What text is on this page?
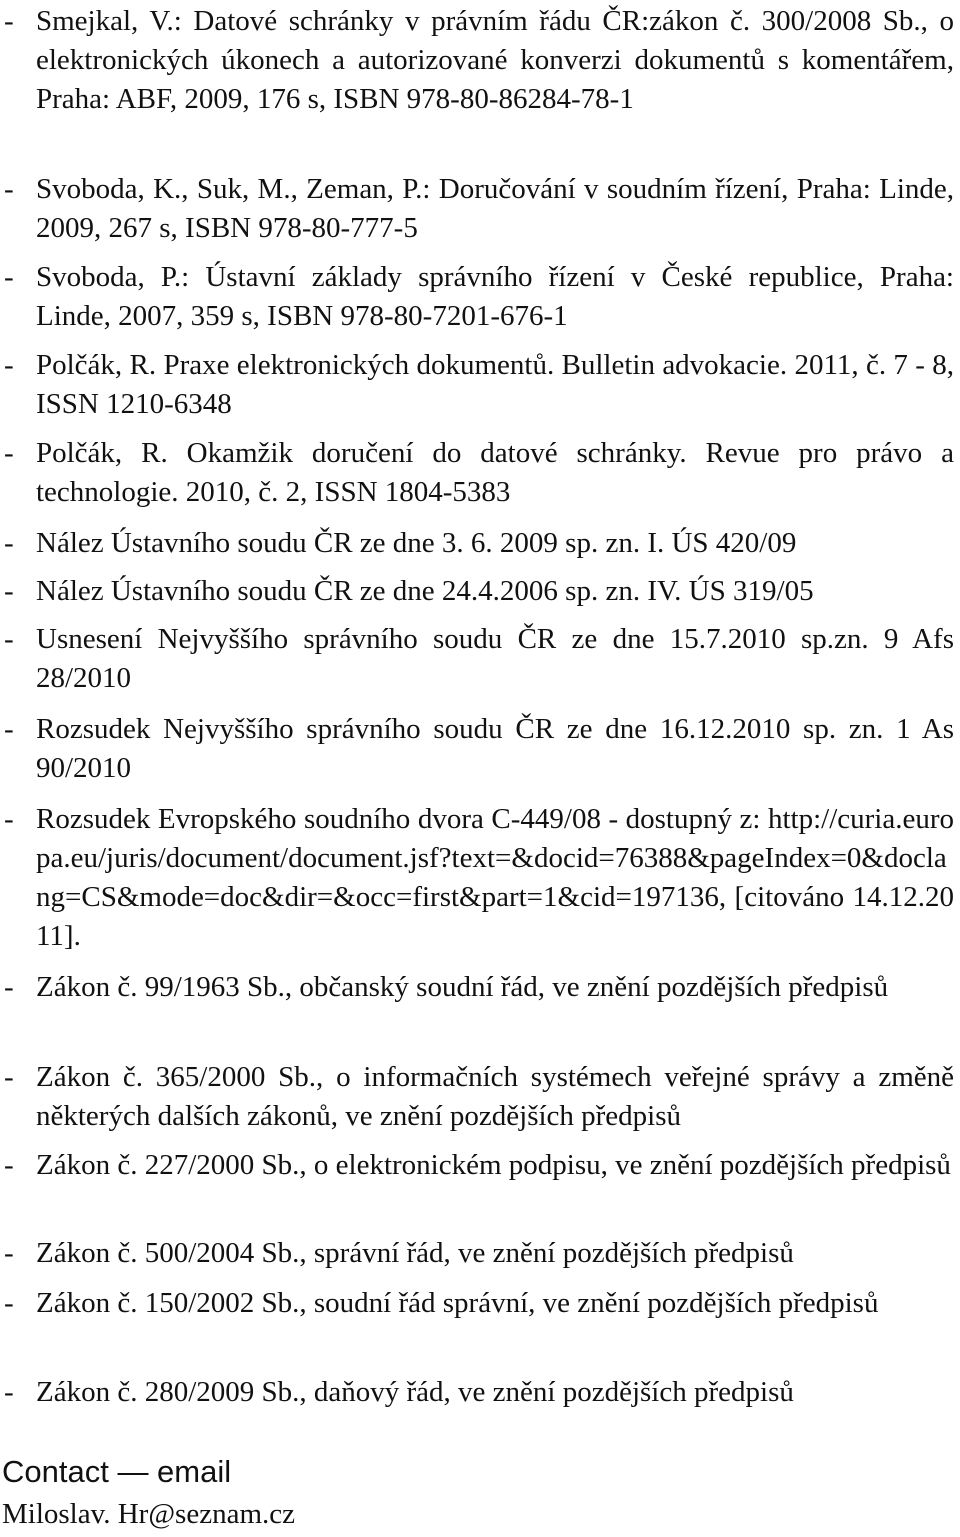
- Smejkal, V.: Datové schránky v právním řádu ČR:zákon č. 300/2008 Sb., o elektronických úkonech a autorizované konverzi dokumentů s komentářem, Praha: ABF, 2009, 176 s, ISBN 978-80-86284-78-1
- Svoboda, K., Suk, M., Zeman, P.: Doručování v soudním řízení, Praha: Linde, 2009, 267 s, ISBN 978-80-777-5
- Svoboda, P.: Ústavní základy správního řízení v České republice, Praha: Linde, 2007, 359 s, ISBN 978-80-7201-676-1
- Polčák, R. Praxe elektronických dokumentů. Bulletin advokacie. 2011, č. 7 - 8, ISSN 1210-6348
- Polčák, R. Okamžik doručení do datové schránky. Revue pro právo a technologie. 2010, č. 2, ISSN 1804-5383
- Nález Ústavního soudu ČR ze dne 3. 6. 2009 sp. zn. I. ÚS 420/09
- Nález Ústavního soudu ČR ze dne 24.4.2006 sp. zn. IV. ÚS 319/05
- Usnesení Nejvyššího správního soudu ČR ze dne 15.7.2010 sp.zn. 9 Afs 28/2010
- Rozsudek Nejvyššího správního soudu ČR ze dne 16.12.2010 sp. zn. 1 As 90/2010
- Rozsudek Evropského soudního dvora C-449/08 - dostupný z: http://curia.europa.eu/juris/document/document.jsf?text=&docid=76388&pageIndex=0&doclang=CS&mode=doc&dir=&occ=first&part=1&cid=197136, [citováno 14.12.2011].
- Zákon č. 99/1963 Sb., občanský soudní řád, ve znění pozdějších předpisů
- Zákon č. 365/2000 Sb., o informačních systémech veřejné správy a změně některých dalších zákonů, ve znění pozdějších předpisů
- Zákon č. 227/2000 Sb., o elektronickém podpisu, ve znění pozdějších předpisů
- Zákon č. 500/2004 Sb., správní řád, ve znění pozdějších předpisů
- Zákon č. 150/2002 Sb., soudní řád správní, ve znění pozdějších předpisů
- Zákon č. 280/2009 Sb., daňový řád, ve znění pozdějších předpisů
Contact — email
Miloslav. Hr@seznam.cz
